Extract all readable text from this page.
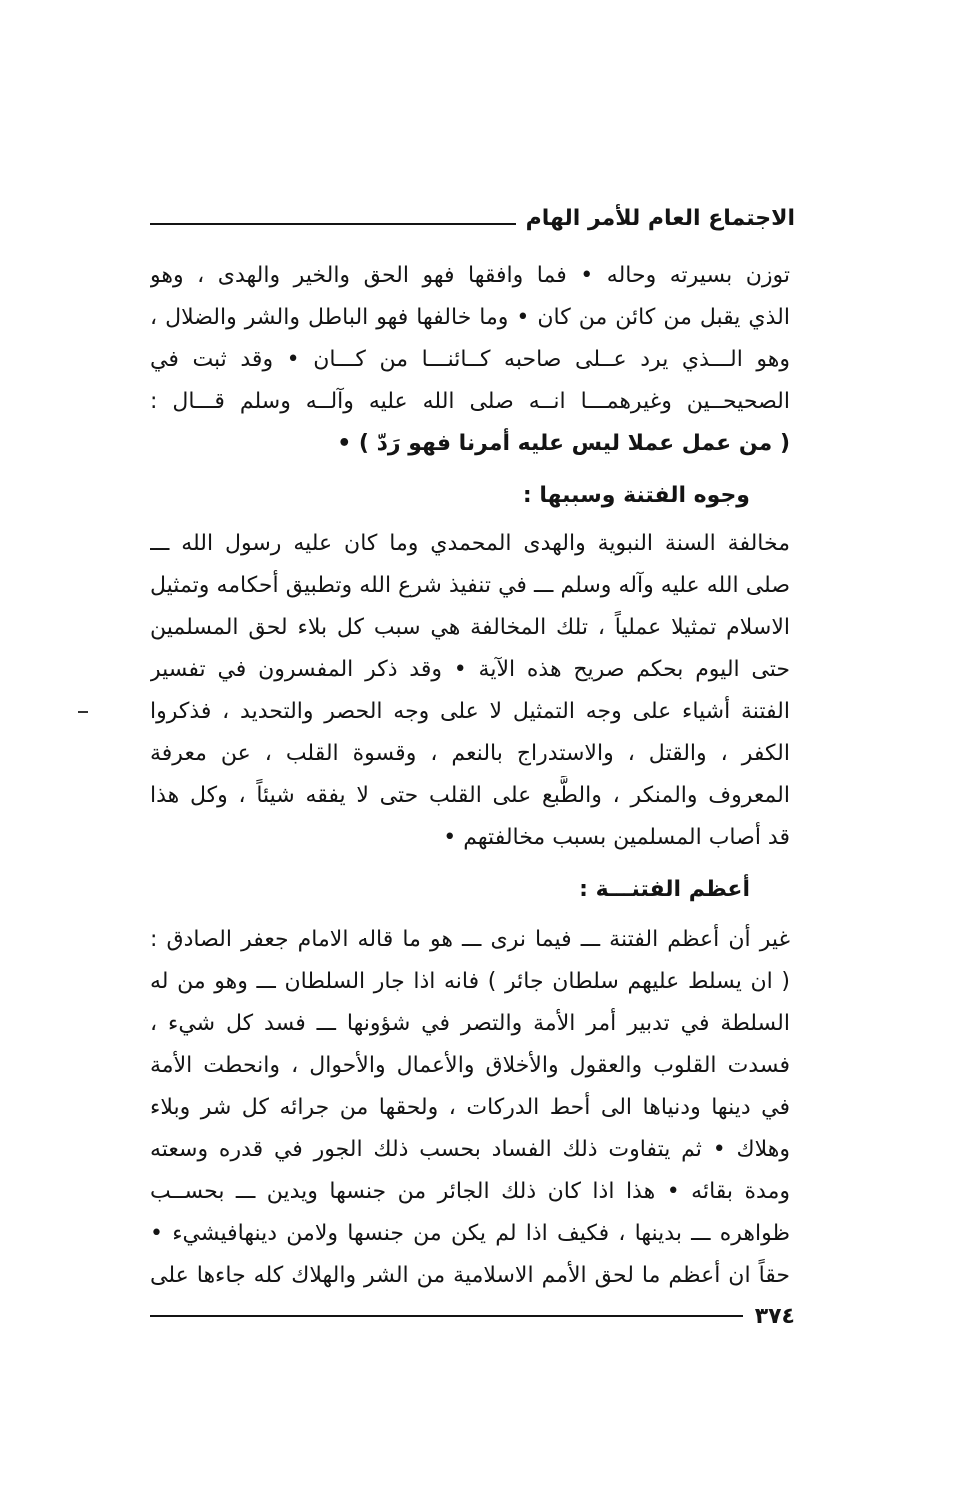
الاجتماع العام للأمر الهام
توزن بسيرته وحاله • فما وافقها فهو الحق والخير والهدى ، وهو
الذي يقبل من كائن من كان • وما خالفها فهو الباطل والشر والضلال ،
وهو الـــذي يرد عــلى صاحبه كــائنـــا من كـــان • وقد ثبت في
الصحيحــين وغيرهمـــا انــه صلى الله عليه وآلــه وسلم قـــال :
( من عمل عملا ليس عليه أمرنا فهو رَدّ ) •
وجوه الفتنة وسببها :
مخالفة السنة النبوية والهدى المحمدي وما كان عليه رسول الله ـــ
صلى الله عليه وآله وسلم ـــ في تنفيذ شرع الله وتطبيق أحكامه وتمثيل
الاسلام تمثيلا عملياً ، تلك المخالفة هي سبب كل بلاء لحق المسلمين
حتى اليوم بحكم صريح هذه الآية • وقد ذكر المفسرون في تفسير
الفتنة أشياء على وجه التمثيل لا على وجه الحصر والتحديد ، فذكروا
الكفر ، والقتل ، والاستدراج بالنعم ، وقسوة القلب ، عن معرفة
المعروف والمنكر ، والطَّبع على القلب حتى لا يفقه شيئاً ، وكل هذا
قد أصاب المسلمين بسبب مخالفتهم •
أعظم الفتنـــة :
غير أن أعظم الفتنة ـــ فيما نرى ـــ هو ما قاله الامام جعفر الصادق :
( ان يسلط عليهم سلطان جائر ) فانه اذا جار السلطان ـــ وهو من له
السلطة في تدبير أمر الأمة والتصر في شؤونها ـــ فسد كل شيء ،
فسدت القلوب والعقول والأخلاق والأعمال والأحوال ، وانحطت الأمة
في دينها ودنياها الى أحط الدركات ، ولحقها من جرائه كل شر وبلاء
وهلاك • ثم يتفاوت ذلك الفساد بحسب ذلك الجور في قدره وسعته
ومدة بقائه • هذا اذا كان ذلك الجائر من جنسها ويدين ـــ بحســب
ظواهره ـــ بدينها ، فكيف اذا لم يكن من جنسها ولامن دينهافيشيء •
حقاً ان أعظم ما لحق الأمم الاسلامية من الشر والهلاك كله جاءها على
٣٧٤
